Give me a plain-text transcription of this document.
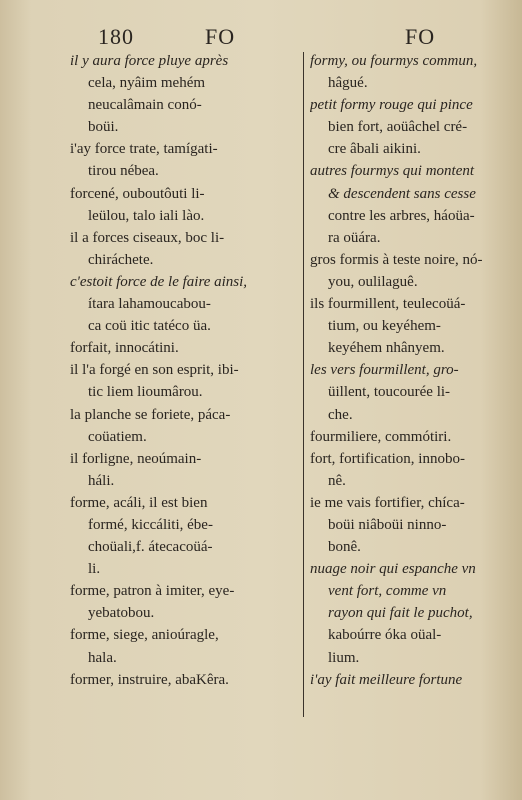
180	FO	FO
il y aura force pluye après
cela, nyâim mehém
neucalâmain conó-
boüi.
i'ay force trate, tamígati-
tirou nébea.
forcené, ouboutôuti li-
leülou, talo iali lào.
il a forces ciseaux, boc li-
chiráchete.
c'estoit force de le faire ainsi,
ítara lahamoucabou-
ca coü itic tatéco üa.
forfait, innocátini.
il l'a forgé en son esprit, ibi-
tic liem lioumârou.
la planche se foriete, páca-
coüatiem.
il forligne, neoúmain-
háli.
forme, acáli, il est bien
formé, kiccáliti, ébe-
choüali,f. átecacoüá-
li.
forme, patron à imiter, eye-
yebatobou.
forme, siege, anioúragle,
hala.
former, instruire, abaKêra.
formy, ou fourmys commun,
hâgué.
petit formy rouge qui pince
bien fort, aoüâchel cré-
cre âbali aikini.
autres fourmys qui montent
& descendent sans cesse
contre les arbres, háoüa-
ra oüára.
gros formis à teste noire, nó-
you, oulilaguê.
ils fourmillent, teulecoüá-
tium, ou keyéhem-
keyéhem nhânyem.
les vers fourmillent, gro-
üillent, toucourée li-
che.
fourmiliere, commótiri.
fort, fortification, innobo-
nê.
ie me vais fortifier, chíca-
boüi niâboüi ninno-
bonê.
nuage noir qui espanche vn
vent fort, comme vn
rayon qui fait le puchot,
kaboúrre óka oüal-
lium.
i'ay fait meilleure fortune
